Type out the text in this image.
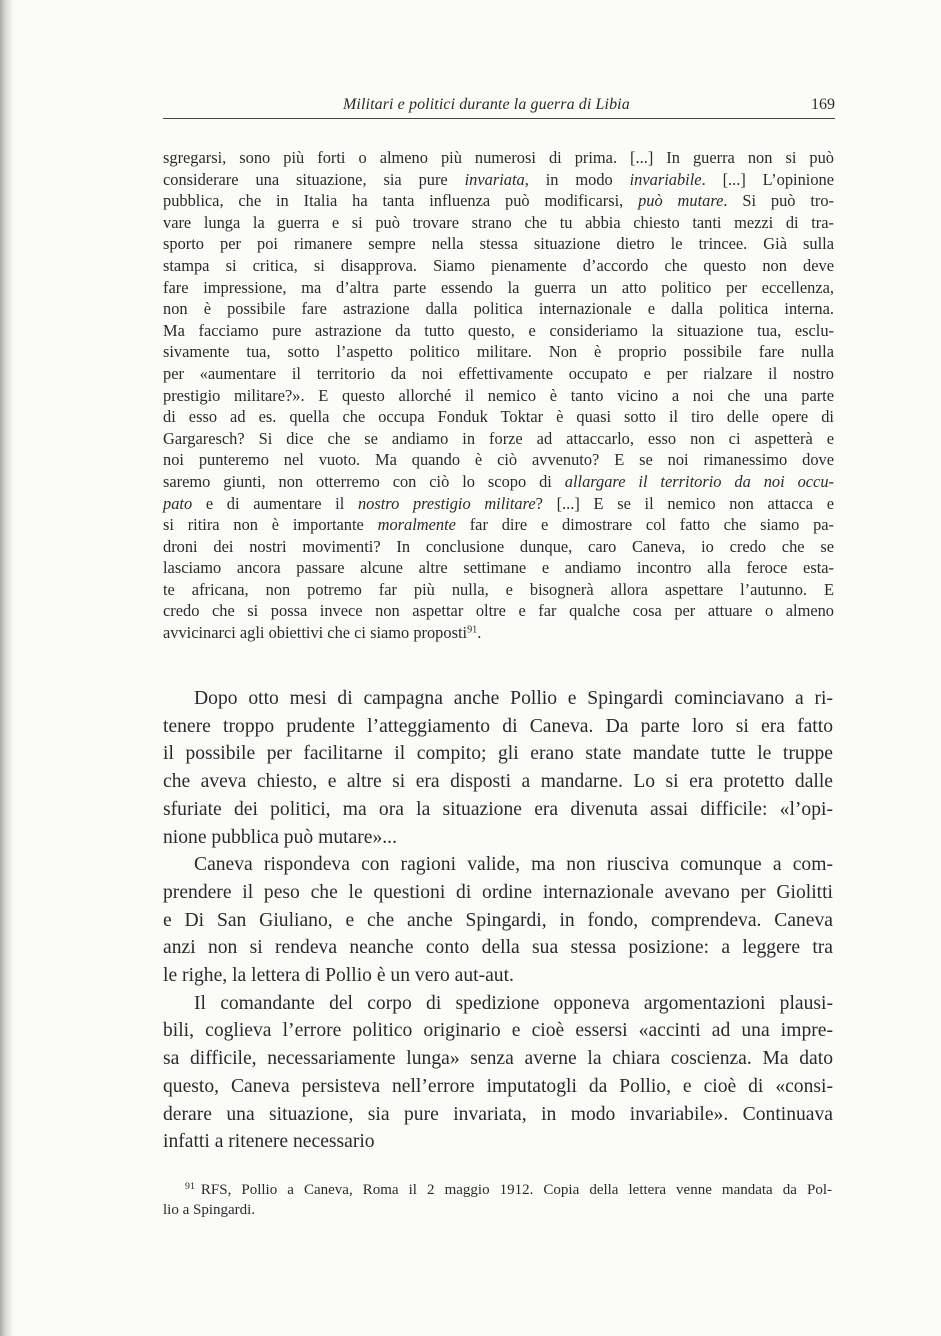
Militari e politici durante la guerra di Libia	169
sgregarsi, sono più forti o almeno più numerosi di prima. [...] In guerra non si può
considerare una situazione, sia pure invariata, in modo invariabile. [...] L’opinione
pubblica, che in Italia ha tanta influenza può modificarsi, può mutare. Si può tro-
vare lunga la guerra e si può trovare strano che tu abbia chiesto tanti mezzi di tra-
sporto per poi rimanere sempre nella stessa situazione dietro le trincee. Già sulla
stampa si critica, si disapprova. Siamo pienamente d’accordo che questo non deve
fare impressione, ma d’altra parte essendo la guerra un atto politico per eccellenza,
non è possibile fare astrazione dalla politica internazionale e dalla politica interna.
Ma facciamo pure astrazione da tutto questo, e consideriamo la situazione tua, esclu-
sivamente tua, sotto l’aspetto politico militare. Non è proprio possibile fare nulla
per «aumentare il territorio da noi effettivamente occupato e per rialzare il nostro
prestigio militare?». E questo allorché il nemico è tanto vicino a noi che una parte
di esso ad es. quella che occupa Fonduk Toktar è quasi sotto il tiro delle opere di
Gargaresch? Si dice che se andiamo in forze ad attaccarlo, esso non ci aspetterà e
noi punteremo nel vuoto. Ma quando è ciò avvenuto? E se noi rimanessimo dove
saremo giunti, non otterremo con ciò lo scopo di allargare il territorio da noi occu-
pato e di aumentare il nostro prestigio militare? [...] E se il nemico non attacca e
si ritira non è importante moralmente far dire e dimostrare col fatto che siamo pa-
droni dei nostri movimenti? In conclusione dunque, caro Caneva, io credo che se
lasciamo ancora passare alcune altre settimane e andiamo incontro alla feroce esta-
te africana, non potremo far più nulla, e bisognerà allora aspettare l’autunno. E
credo che si possa invece non aspettar oltre e far qualche cosa per attuare o almeno
avvicinarci agli obiettivi che ci siamo proposti$^{91}$.
Dopo otto mesi di campagna anche Pollio e Spingardi cominciavano a ri-
tenere troppo prudente l’atteggiamento di Caneva. Da parte loro si era fatto
il possibile per facilitarne il compito; gli erano state mandate tutte le truppe
che aveva chiesto, e altre si era disposti a mandarne. Lo si era protetto dalle
sfuriate dei politici, ma ora la situazione era divenuta assai difficile: «l’opi-
nione pubblica può mutare»...
Caneva rispondeva con ragioni valide, ma non riusciva comunque a com-
prendere il peso che le questioni di ordine internazionale avevano per Giolitti
e Di San Giuliano, e che anche Spingardi, in fondo, comprendeva. Caneva
anzi non si rendeva neanche conto della sua stessa posizione: a leggere tra
le righe, la lettera di Pollio è un vero aut-aut.
Il comandante del corpo di spedizione opponeva argomentazioni plausi-
bili, coglieva l’errore politico originario e cioè essersi «accinti ad una impre-
sa difficile, necessariamente lunga» senza averne la chiara coscienza. Ma dato
questo, Caneva persisteva nell’errore imputatogli da Pollio, e cioè di «consi-
derare una situazione, sia pure invariata, in modo invariabile». Continuava
infatti a ritenere necessario
$^{91}$ RFS, Pollio a Caneva, Roma il 2 maggio 1912. Copia della lettera venne mandata da Pol-
lio a Spingardi.
